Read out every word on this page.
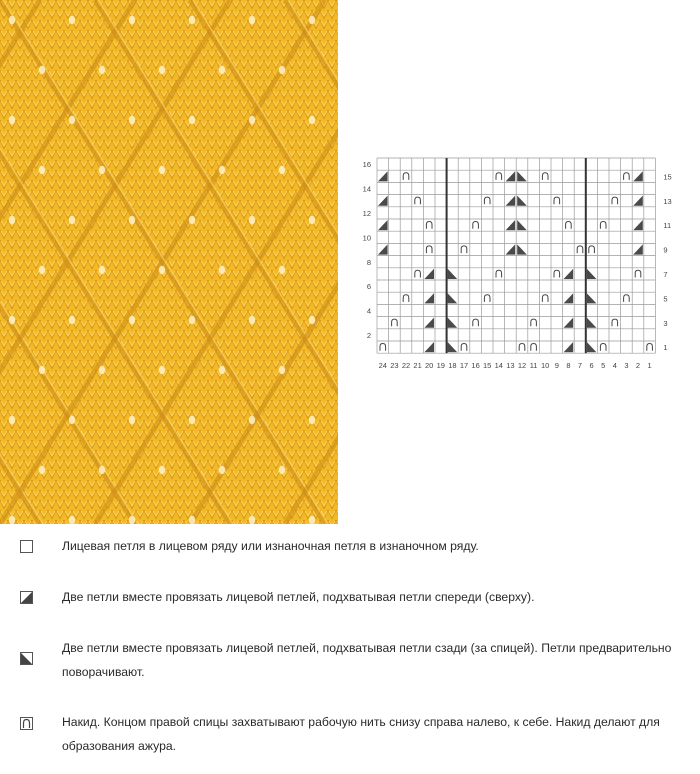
2
4
6
8
10
12
14
16
1
3
5
7
9
11
13
15
24 23 22 21 20 19 18 17 16 15 14 13 12 11 10 9 8 7 6 5 4 3 2 1
Лицевая петля в лицевом ряду или изнаночная петля в изнаночном ряду.
Две петли вместе провязать лицевой петлей, подхватывая петли спереди (сверху).
Две петли вместе провязать лицевой петлей, подхватывая петли сзади (за спицей). Петли предварительно поворачивают.
Накид. Концом правой спицы захватывают рабочую нить снизу справа налево, к себе. Накид делают для образования ажура.
